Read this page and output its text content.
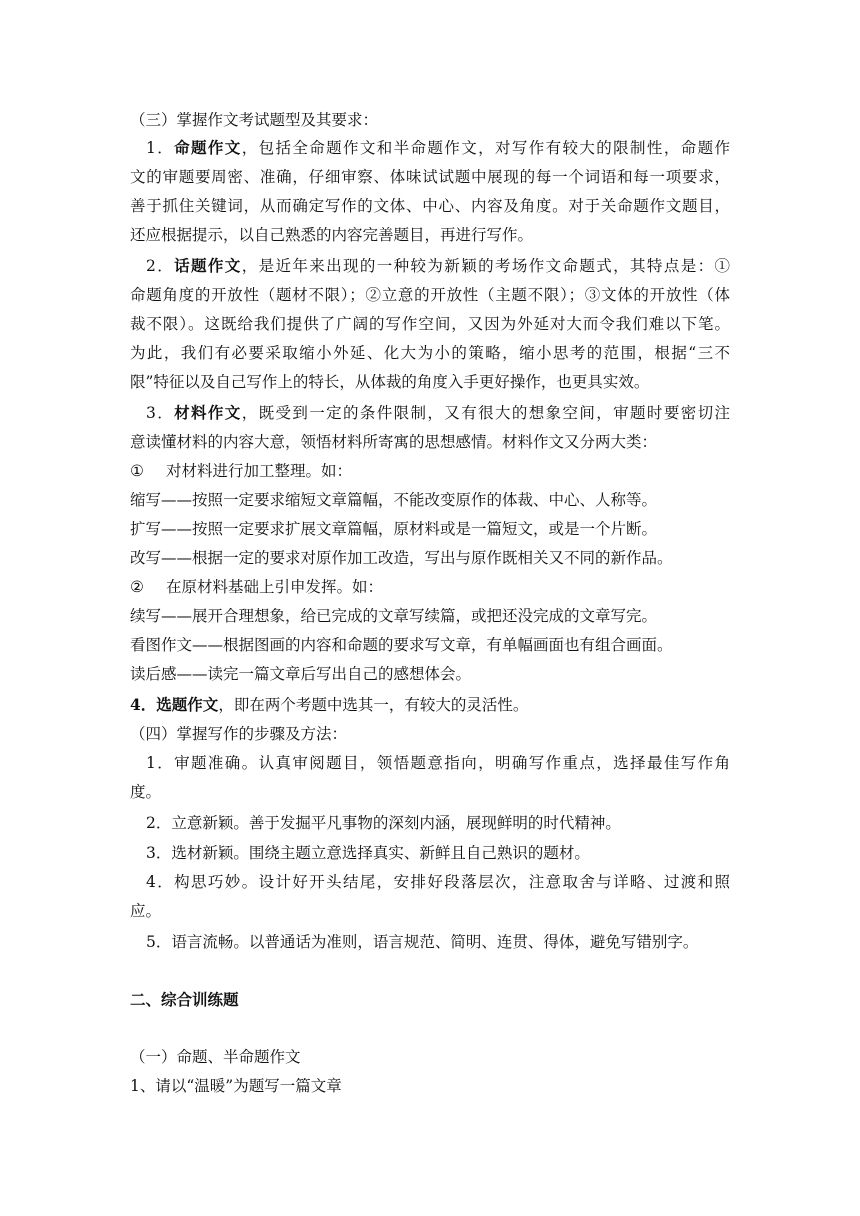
（三）掌握作文考试题型及其要求：
1．命题作文，包括全命题作文和半命题作文，对写作有较大的限制性，命题作
文的审题要周密、准确，仔细审察、体味试试题中展现的每一个词语和每一项要求，
善于抓住关键词，从而确定写作的文体、中心、内容及角度。对于关命题作文题目，
还应根据提示，以自己熟悉的内容完善题目，再进行写作。
2．话题作文，是近年来出现的一种较为新颖的考场作文命题式，其特点是：①
命题角度的开放性（题材不限）；②立意的开放性（主题不限）；③文体的开放性（体
裁不限）。这既给我们提供了广阔的写作空间，又因为外延对大而令我们难以下笔。
为此，我们有必要采取缩小外延、化大为小的策略，缩小思考的范围，根据“三不
限”特征以及自己写作上的特长，从体裁的角度入手更好操作，也更具实效。
3．材料作文，既受到一定的条件限制，又有很大的想象空间，审题时要密切注
意读懂材料的内容大意，领悟材料所寄寓的思想感情。材料作文又分两大类：
① 对材料进行加工整理。如：
缩写——按照一定要求缩短文章篇幅，不能改变原作的体裁、中心、人称等。
扩写——按照一定要求扩展文章篇幅，原材料或是一篇短文，或是一个片断。
改写——根据一定的要求对原作加工改造，写出与原作既相关又不同的新作品。
② 在原材料基础上引申发挥。如：
续写——展开合理想象，给已完成的文章写续篇，或把还没完成的文章写完。
看图作文——根据图画的内容和命题的要求写文章，有单幅画面也有组合画面。
读后感——读完一篇文章后写出自己的感想体会。
4．选题作文，即在两个考题中选其一，有较大的灵活性。
（四）掌握写作的步骤及方法：
1．审题准确。认真审阅题目，领悟题意指向，明确写作重点，选择最佳写作角
度。
2．立意新颖。善于发掘平凡事物的深刻内涵，展现鲜明的时代精神。
3．选材新颖。围绕主题立意选择真实、新鲜且自己熟识的题材。
4．构思巧妙。设计好开头结尾，安排好段落层次，注意取舍与详略、过渡和照
应。
5．语言流畅。以普通话为准则，语言规范、简明、连贯、得体，避免写错别字。
二、综合训练题
（一）命题、半命题作文
1、请以“温暖”为题写一篇文章
